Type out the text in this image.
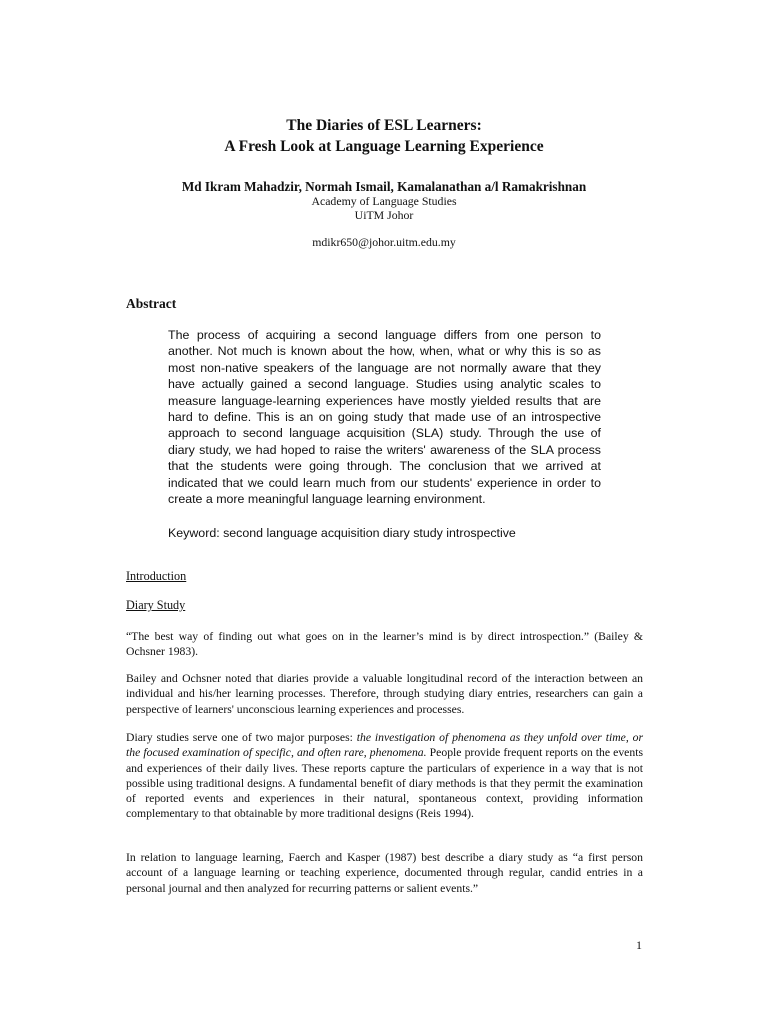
The Diaries of ESL Learners:
A Fresh Look at Language Learning Experience
Md Ikram Mahadzir, Normah Ismail, Kamalanathan a/l Ramakrishnan
Academy of Language Studies
UiTM Johor
mdikr650@johor.uitm.edu.my
Abstract

The process of acquiring a second language differs from one person to another. Not much is known about the how, when, what or why this is so as most non-native speakers of the language are not normally aware that they have actually gained a second language. Studies using analytic scales to measure language-learning experiences have mostly yielded results that are hard to define. This is an on going study that made use of an introspective approach to second language acquisition (SLA) study. Through the use of diary study, we had hoped to raise the writers' awareness of the SLA process that the students were going through. The conclusion that we arrived at indicated that we could learn much from our students' experience in order to create a more meaningful language learning environment.

Keyword: second language acquisition diary study introspective

Introduction

Diary Study

“The best way of finding out what goes on in the learner’s mind is by direct introspection.” (Bailey & Ochsner 1983).

Bailey and Ochsner noted that diaries provide a valuable longitudinal record of the interaction between an individual and his/her learning processes. Therefore, through studying diary entries, researchers can gain a perspective of learners' unconscious learning experiences and processes.

Diary studies serve one of two major purposes: the investigation of phenomena as they unfold over time, or the focused examination of specific, and often rare, phenomena. People provide frequent reports on the events and experiences of their daily lives. These reports capture the particulars of experience in a way that is not possible using traditional designs. A fundamental benefit of diary methods is that they permit the examination of reported events and experiences in their natural, spontaneous context, providing information complementary to that obtainable by more traditional designs (Reis 1994).

In relation to language learning, Faerch and Kasper (1987) best describe a diary study as “a first person account of a language learning or teaching experience, documented through regular, candid entries in a personal journal and then analyzed for recurring patterns or salient events.”

1
